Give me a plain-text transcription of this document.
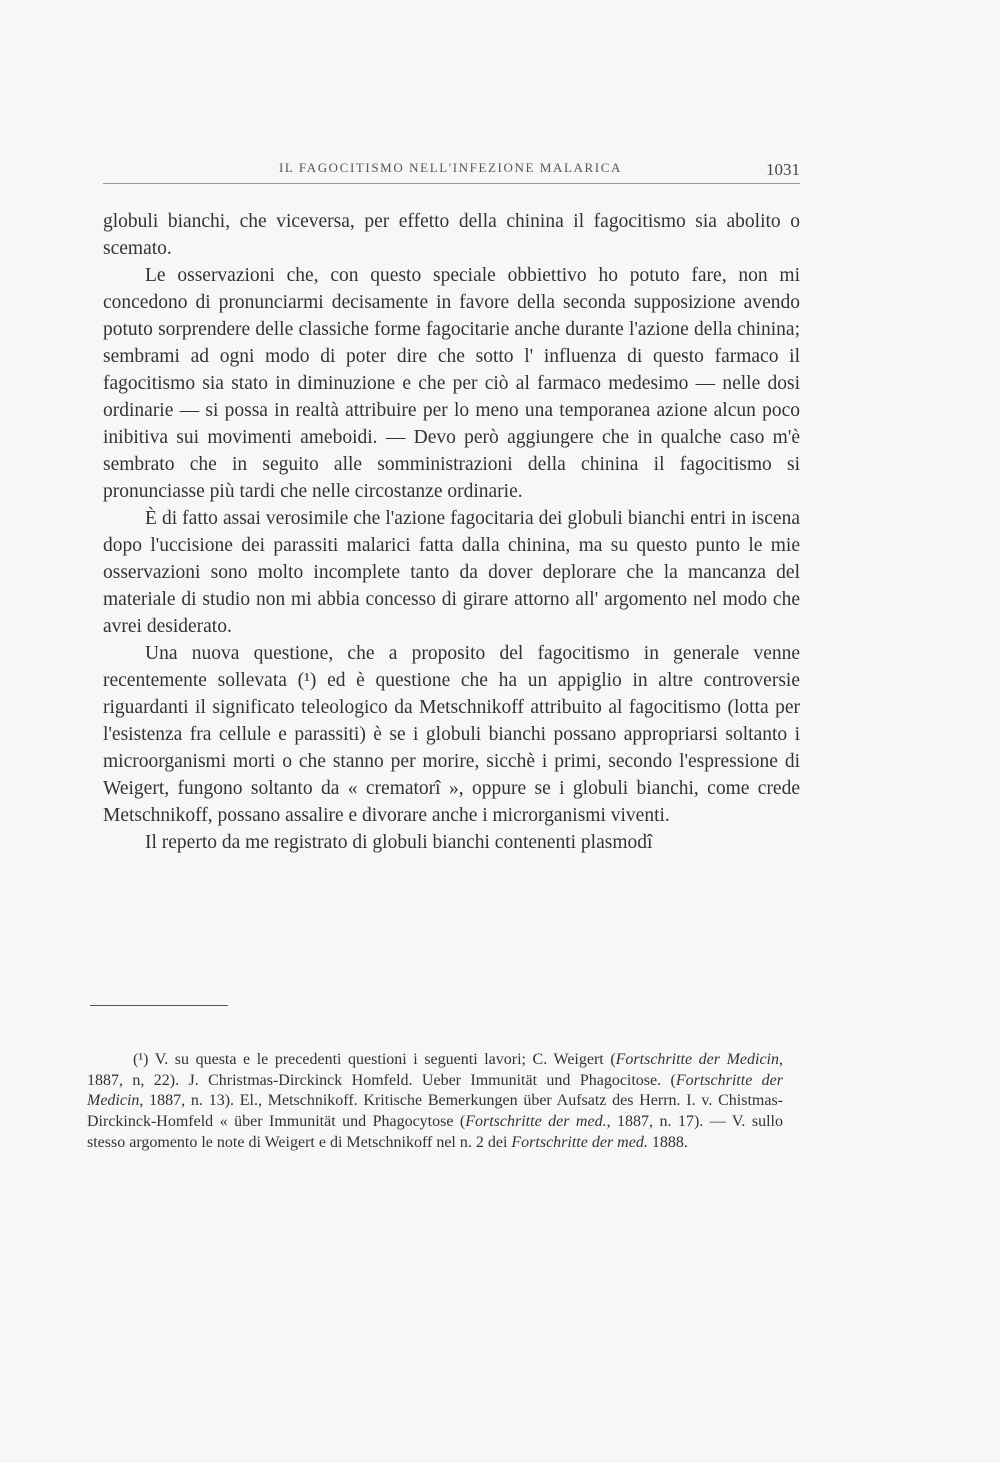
IL FAGOCITISMO NELL'INFEZIONE MALARICA	1031

globuli bianchi, che viceversa, per effetto della chinina il fagocitismo sia abolito o scemato.

Le osservazioni che, con questo speciale obbiettivo ho potuto fare, non mi concedono di pronunciarmi decisamente in favore della seconda supposizione avendo potuto sorprendere delle classiche forme fagocitarie anche durante l'azione della chinina; sembrami ad ogni modo di poter dire che sotto l' influenza di questo farmaco il fagocitismo sia stato in diminuzione e che per ciò al farmaco medesimo — nelle dosi ordinarie — si possa in realtà attribuire per lo meno una temporanea azione alcun poco inibitiva sui movimenti ameboidi. — Devo però aggiungere che in qualche caso m'è sembrato che in seguito alle somministrazioni della chinina il fagocitismo si pronunciasse più tardi che nelle circostanze ordinarie.

È di fatto assai verosimile che l'azione fagocitaria dei globuli bianchi entri in iscena dopo l'uccisione dei parassiti malarici fatta dalla chinina, ma su questo punto le mie osservazioni sono molto incomplete tanto da dover deplorare che la mancanza del materiale di studio non mi abbia concesso di girare attorno all' argomento nel modo che avrei desiderato.

Una nuova questione, che a proposito del fagocitismo in generale venne recentemente sollevata (¹) ed è questione che ha un appiglio in altre controversie riguardanti il significato teleologico da Metschnikoff attribuito al fagocitismo (lotta per l'esistenza fra cellule e parassiti) è se i globuli bianchi possano appropriarsi soltanto i microorganismi morti o che stanno per morire, sicchè i primi, secondo l'espressione di Weigert, fungono soltanto da « crematorî », oppure se i globuli bianchi, come crede Metschnikoff, possano assalire e divorare anche i microrganismi viventi.

Il reperto da me registrato di globuli bianchi contenenti plasmodî

(¹) V. su questa e le precedenti questioni i seguenti lavori; C. Weigert (Fortschritte der Medicin, 1887, n, 22). J. Christmas-Dirckinck Homfeld. Ueber Immunität und Phagocitose. (Fortschritte der Medicin, 1887, n. 13). El., Metschnikoff. Kritische Bemerkungen über Aufsatz des Herrn. I. v. Chistmas-Dirckinck-Homfeld « über Immunität und Phagocytose (Fortschritte der med., 1887, n. 17). — V. sullo stesso argomento le note di Weigert e di Metschnikoff nel n. 2 dei Fortschritte der med. 1888.
